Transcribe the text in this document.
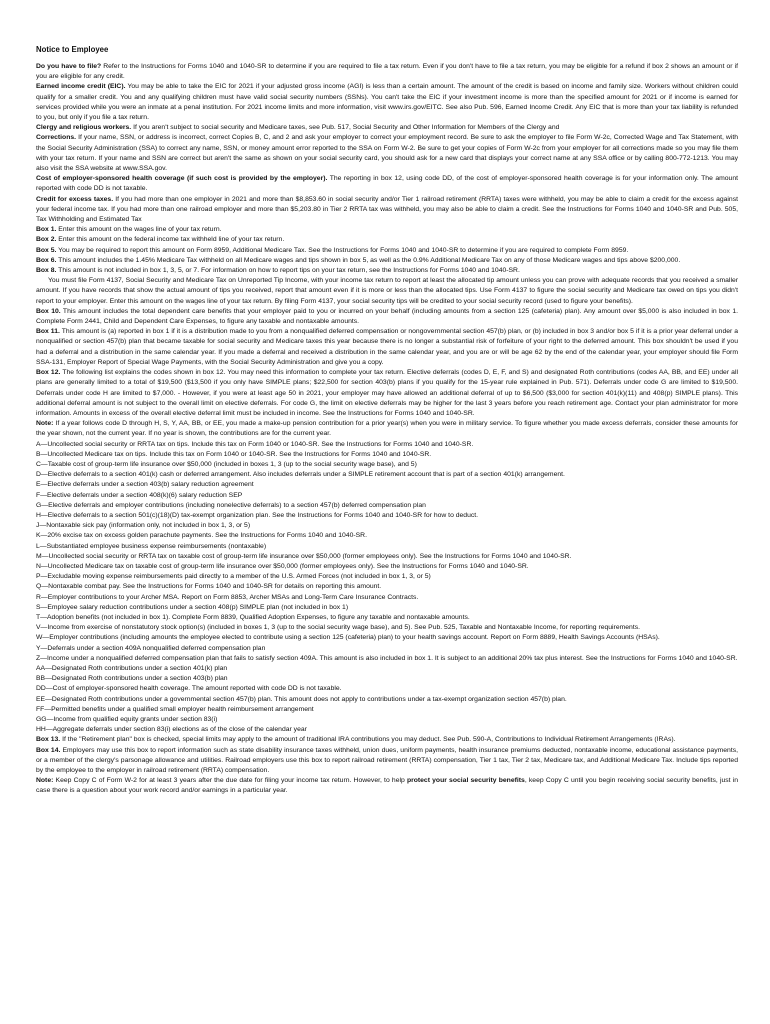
Notice to Employee

Do you have to file? Refer to the Instructions for Forms 1040 and 1040-SR to determine if you are required to file a tax return. Even if you don't have to file a tax return, you may be eligible for a refund if box 2 shows an amount or if you are eligible for any credit.

Earned income credit (EIC). You may be able to take the EIC for 2021 if your adjusted gross income (AGI) is less than a certain amount. The amount of the credit is based on income and family size. Workers without children could qualify for a smaller credit. You and any qualifying children must have valid social security numbers (SSNs). You can't take the EIC if your investment income is more than the specified amount for 2021 or if income is earned for services provided while you were an inmate at a penal institution. For 2021 income limits and more information, visit www.irs.gov/EITC. See also Pub. 596, Earned Income Credit. Any EIC that is more than your tax liability is refunded to you, but only if you file a tax return.

Clergy and religious workers. If you aren't subject to social security and Medicare taxes, see Pub. 517, Social Security and Other Information for Members of the Clergy and

Corrections. If your name, SSN, or address is incorrect, correct Copies B, C, and 2 and ask your employer to correct your employment record. Be sure to ask the employer to file Form W-2c, Corrected Wage and Tax Statement, with the Social Security Administration (SSA) to correct any name, SSN, or money amount error reported to the SSA on Form W-2. Be sure to get your copies of Form W-2c from your employer for all corrections made so you may file them with your tax return. If your name and SSN are correct but aren't the same as shown on your social security card, you should ask for a new card that displays your correct name at any SSA office or by calling 800-772-1213. You may also visit the SSA website at www.SSA.gov.

Cost of employer-sponsored health coverage (if such cost is provided by the employer). The reporting in box 12, using code DD, of the cost of employer-sponsored health coverage is for your information only. The amount reported with code DD is not taxable.

Credit for excess taxes. If you had more than one employer in 2021 and more than $8,853.60 in social security and/or Tier 1 railroad retirement (RRTA) taxes were withheld, you may be able to claim a credit for the excess against your federal income tax. If you had more than one railroad employer and more than $5,203.80 in Tier 2 RRTA tax was withheld, you may also be able to claim a credit. See the Instructions for Forms 1040 and 1040-SR and Pub. 505, Tax Withholding and Estimated Tax

Box 1. Enter this amount on the wages line of your tax return.

Box 2. Enter this amount on the federal income tax withheld line of your tax return.

Box 5. You may be required to report this amount on Form 8959, Additional Medicare Tax. See the Instructions for Forms 1040 and 1040-SR to determine if you are required to complete Form 8959.

Box 6. This amount includes the 1.45% Medicare Tax withheld on all Medicare wages and tips shown in box 5, as well as the 0.9% Additional Medicare Tax on any of those Medicare wages and tips above $200,000.

Box 8. This amount is not included in box 1, 3, 5, or 7. For information on how to report tips on your tax return, see the Instructions for Forms 1040 and 1040-SR.

You must file Form 4137, Social Security and Medicare Tax on Unreported Tip Income, with your income tax return to report at least the allocated tip amount unless you can prove with adequate records that you received a smaller amount. If you have records that show the actual amount of tips you received, report that amount even if it is more or less than the allocated tips. Use Form 4137 to figure the social security and Medicare tax owed on tips you didn't report to your employer. Enter this amount on the wages line of your tax return. By filing Form 4137, your social security tips will be credited to your social security record (used to figure your benefits).

Box 10. This amount includes the total dependent care benefits that your employer paid to you or incurred on your behalf (including amounts from a section 125 (cafeteria) plan). Any amount over $5,000 is also included in box 1. Complete Form 2441, Child and Dependent Care Expenses, to figure any taxable and nontaxable amounts.

Box 11. This amount is (a) reported in box 1 if it is a distribution made to you from a nonqualified deferred compensation or nongovernmental section 457(b) plan, or (b) included in box 3 and/or box 5 if it is a prior year deferral under a nonqualified or section 457(b) plan that became taxable for social security and Medicare taxes this year because there is no longer a substantial risk of forfeiture of your right to the deferred amount. This box shouldn't be used if you had a deferral and a distribution in the same calendar year. If you made a deferral and received a distribution in the same calendar year, and you are or will be age 62 by the end of the calendar year, your employer should file Form SSA-131, Employer Report of Special Wage Payments, with the Social Security Administration and give you a copy.

Box 12. The following list explains the codes shown in box 12. You may need this information to complete your tax return. Elective deferrals (codes D, E, F, and S) and designated Roth contributions (codes AA, BB, and EE) under all plans are generally limited to a total of $19,500 ($13,500 if you only have SIMPLE plans; $22,500 for section 403(b) plans if you qualify for the 15-year rule explained in Pub. 571). Deferrals under code G are limited to $19,500. Deferrals under code H are limited to $7,000. - However, if you were at least age 50 in 2021, your employer may have allowed an additional deferral of up to $6,500 ($3,000 for section 401(k)(11) and 408(p) SIMPLE plans). This additional deferral amount is not subject to the overall limit on elective deferrals. For code G, the limit on elective deferrals may be higher for the last 3 years before you reach retirement age. Contact your plan administrator for more information. Amounts in excess of the overall elective deferral limit must be included in income. See the Instructions for Forms 1040 and 1040-SR.

Note: If a year follows code D through H, S, Y, AA, BB, or EE, you made a make-up pension contribution for a prior year(s) when you were in military service. To figure whether you made excess deferrals, consider these amounts for the year shown, not the current year. If no year is shown, the contributions are for the current year.

A—Uncollected social security or RRTA tax on tips. Include this tax on Form 1040 or 1040-SR. See the Instructions for Forms 1040 and 1040-SR.

B—Uncollected Medicare tax on tips. Include this tax on Form 1040 or 1040-SR. See the Instructions for Forms 1040 and 1040-SR.

C—Taxable cost of group-term life insurance over $50,000 (included in boxes 1, 3 (up to the social security wage base), and 5)

D—Elective deferrals to a section 401(k) cash or deferred arrangement. Also includes deferrals under a SIMPLE retirement account that is part of a section 401(k) arrangement.

E—Elective deferrals under a section 403(b) salary reduction agreement

F—Elective deferrals under a section 408(k)(6) salary reduction SEP

G—Elective deferrals and employer contributions (including nonelective deferrals) to a section 457(b) deferred compensation plan

H—Elective deferrals to a section 501(c)(18)(D) tax-exempt organization plan. See the Instructions for Forms 1040 and 1040-SR for how to deduct.

J—Nontaxable sick pay (information only, not included in box 1, 3, or 5)

K—20% excise tax on excess golden parachute payments. See the Instructions for Forms 1040 and 1040-SR.

L—Substantiated employee business expense reimbursements (nontaxable)

M—Uncollected social security or RRTA tax on taxable cost of group-term life insurance over $50,000 (former employees only). See the Instructions for Forms 1040 and 1040-SR.

N—Uncollected Medicare tax on taxable cost of group-term life insurance over $50,000 (former employees only). See the Instructions for Forms 1040 and 1040-SR.

P—Excludable moving expense reimbursements paid directly to a member of the U.S. Armed Forces (not included in box 1, 3, or 5)

Q—Nontaxable combat pay. See the Instructions for Forms 1040 and 1040-SR for details on reporting this amount.

R—Employer contributions to your Archer MSA. Report on Form 8853, Archer MSAs and Long-Term Care Insurance Contracts.

S—Employee salary reduction contributions under a section 408(p) SIMPLE plan (not included in box 1)

T—Adoption benefits (not included in box 1). Complete Form 8839, Qualified Adoption Expenses, to figure any taxable and nontaxable amounts.

V—Income from exercise of nonstatutory stock option(s) (included in boxes 1, 3 (up to the social security wage base), and 5). See Pub. 525, Taxable and Nontaxable Income, for reporting requirements.

W—Employer contributions (including amounts the employee elected to contribute using a section 125 (cafeteria) plan) to your health savings account. Report on Form 8889, Health Savings Accounts (HSAs).

Y—Deferrals under a section 409A nonqualified deferred compensation plan

Z—Income under a nonqualified deferred compensation plan that fails to satisfy section 409A. This amount is also included in box 1. It is subject to an additional 20% tax plus interest. See the Instructions for Forms 1040 and 1040-SR.

AA—Designated Roth contributions under a section 401(k) plan

BB—Designated Roth contributions under a section 403(b) plan

DD—Cost of employer-sponsored health coverage. The amount reported with code DD is not taxable.

EE—Designated Roth contributions under a governmental section 457(b) plan. This amount does not apply to contributions under a tax-exempt organization section 457(b) plan.

FF—Permitted benefits under a qualified small employer health reimbursement arrangement

GG—Income from qualified equity grants under section 83(i)

HH—Aggregate deferrals under section 83(i) elections as of the close of the calendar year

Box 13. If the "Retirement plan" box is checked, special limits may apply to the amount of traditional IRA contributions you may deduct. See Pub. 590-A, Contributions to Individual Retirement Arrangements (IRAs).

Box 14. Employers may use this box to report information such as state disability insurance taxes withheld, union dues, uniform payments, health insurance premiums deducted, nontaxable income, educational assistance payments, or a member of the clergy's parsonage allowance and utilities. Railroad employers use this box to report railroad retirement (RRTA) compensation, Tier 1 tax, Tier 2 tax, Medicare tax, and Additional Medicare Tax. Include tips reported by the employee to the employer in railroad retirement (RRTA) compensation.

Note: Keep Copy C of Form W-2 for at least 3 years after the due date for filing your income tax return. However, to help protect your social security benefits, keep Copy C until you begin receiving social security benefits, just in case there is a question about your work record and/or earnings in a particular year.
